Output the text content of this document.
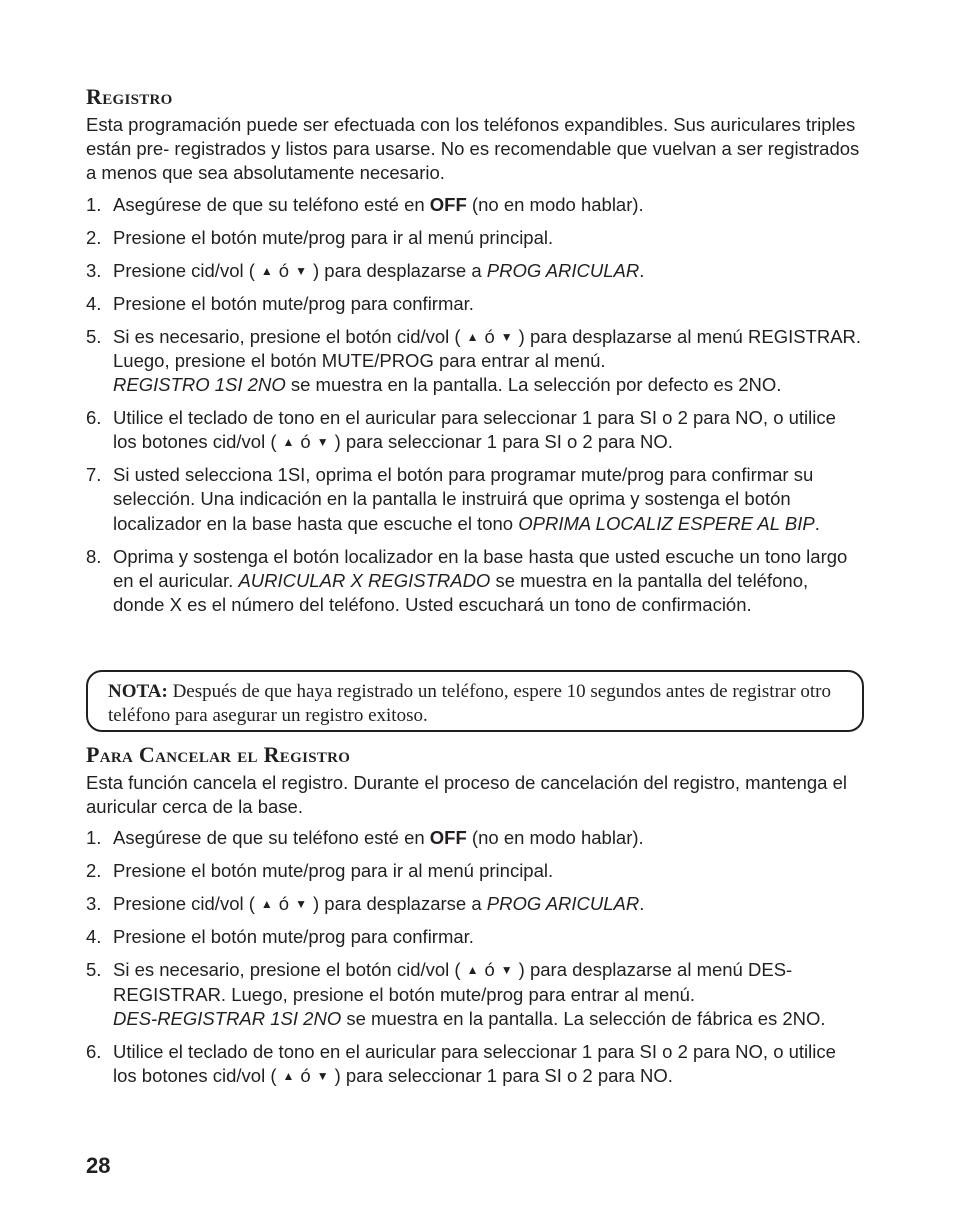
Registro

Esta programación puede ser efectuada con los teléfonos expandibles. Sus auriculares triples están pre- registrados y listos para usarse. No es recomendable que vuelvan a ser registrados a menos que sea absolutamente necesario.

1. Asegúrese de que su teléfono esté en OFF (no en modo hablar).
2. Presione el botón mute/prog para ir al menú principal.
3. Presione cid/vol ( ▲ ó ▼ ) para desplazarse a PROG ARICULAR.
4. Presione el botón mute/prog para confirmar.
5. Si es necesario, presione el botón cid/vol ( ▲ ó ▼ ) para desplazarse al menú REGISTRAR. Luego, presione el botón MUTE/PROG para entrar al menú.
REGISTRO 1SI 2NO se muestra en la pantalla. La selección por defecto es 2NO.
6. Utilice el teclado de tono en el auricular para seleccionar 1 para SI o 2 para NO, o utilice los botones cid/vol ( ▲ ó ▼ ) para seleccionar 1 para SI o 2 para NO.
7. Si usted selecciona 1SI, oprima el botón para programar mute/prog para confirmar su selección. Una indicación en la pantalla le instruirá que oprima y sostenga el botón localizador en la base hasta que escuche el tono OPRIMA LOCALIZ ESPERE AL BIP.
8. Oprima y sostenga el botón localizador en la base hasta que usted escuche un tono largo en el auricular. AURICULAR X REGISTRADO se muestra en la pantalla del teléfono, donde X es el número del teléfono. Usted escuchará un tono de confirmación.
NOTA: Después de que haya registrado un teléfono, espere 10 segundos antes de registrar otro teléfono para asegurar un registro exitoso.
Para Cancelar el Registro

Esta función cancela el registro. Durante el proceso de cancelación del registro, mantenga el auricular cerca de la base.

1. Asegúrese de que su teléfono esté en OFF (no en modo hablar).
2. Presione el botón mute/prog para ir al menú principal.
3. Presione cid/vol ( ▲ ó ▼ ) para desplazarse a PROG ARICULAR.
4. Presione el botón mute/prog para confirmar.
5. Si es necesario, presione el botón cid/vol ( ▲ ó ▼ ) para desplazarse al menú DES-REGISTRAR. Luego, presione el botón mute/prog para entrar al menú.
DES-REGISTRAR 1SI 2NO se muestra en la pantalla. La selección de fábrica es 2NO.
6. Utilice el teclado de tono en el auricular para seleccionar 1 para SI o 2 para NO, o utilice los botones cid/vol ( ▲ ó ▼ ) para seleccionar 1 para SI o 2 para NO.
28
